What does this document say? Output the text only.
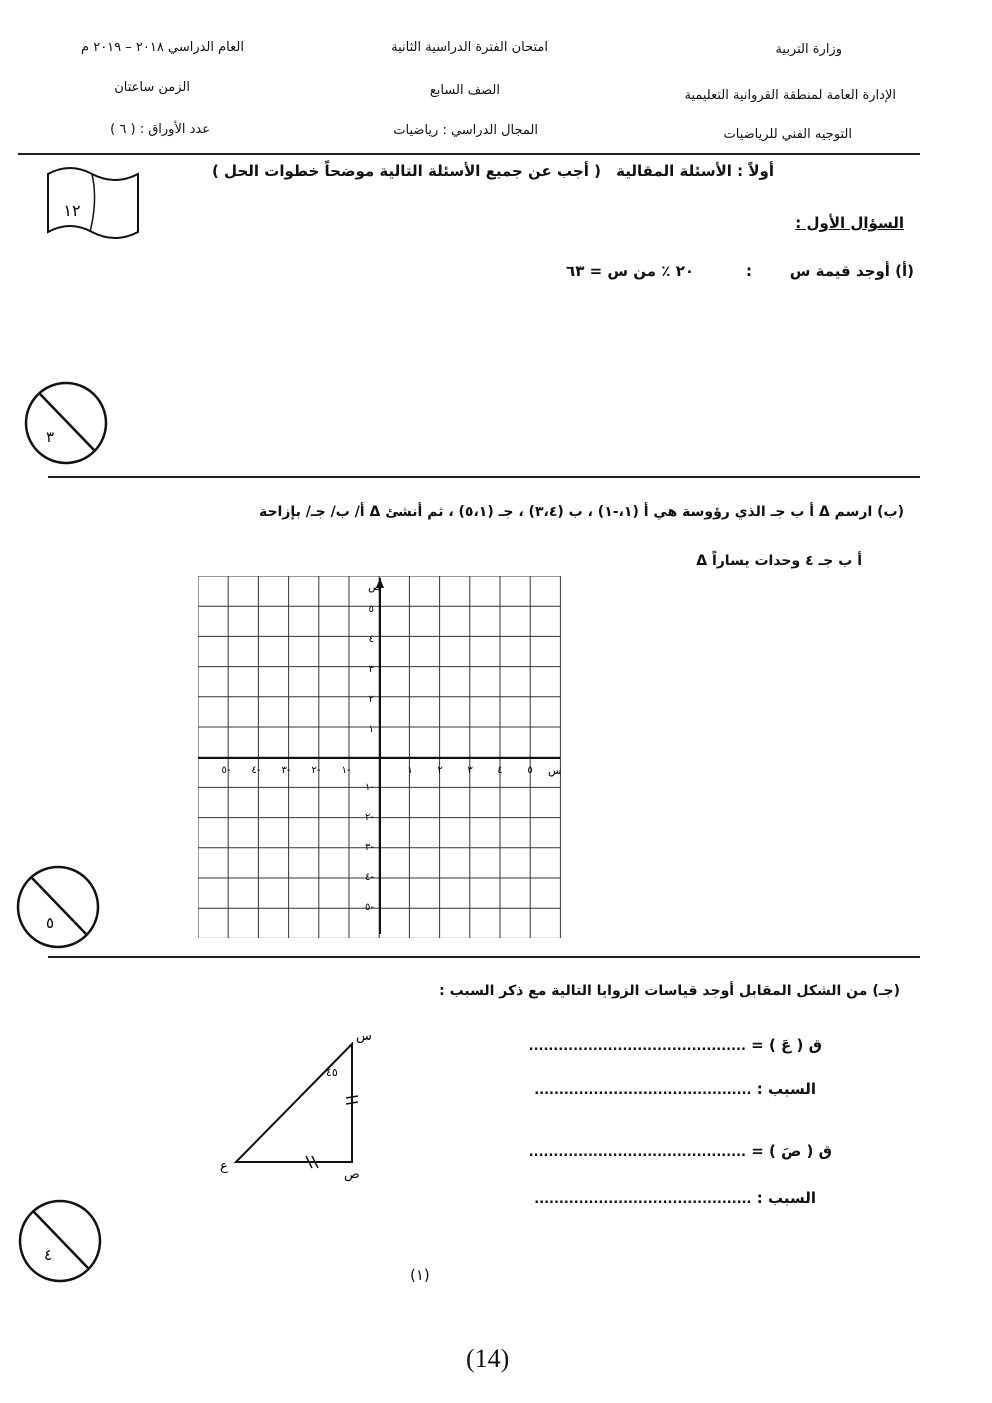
وزارة التربية
الإدارة العامة لمنطقة القروانية التعليمية
التوجيه الفني للرياضيات
امتحان الفترة الدراسية الثانية
الصف السابع
المجال الدراسي : رياضيات
العام الدراسي ٢٠١٨ – ٢٠١٩ م
الزمن ساعتان
عدد الأوراق : ( ٦ )
أولاً : الأسئلة المقالية ( أجب عن جميع الأسئلة التالية موضحاً خطوات الحل )
١٢
السؤال الأول :
(أ) أوجد قيمة س
:
٢٠ ٪ من س = ٦٣
٣
(ب) ارسم Δ ﺃ ب جـ الذي رؤوسة هي ﺃ (١،-١) ، ب (٣،٤) ، جـ (٥،١) ، ثم أنشئ Δ ﺃ/ ب/ جـ/ بإزاحة
Δ ﺃ ب جـ ٤ وحدات يساراً
ص
س
٥- ٤- ٣- ٢- ١-	١ ٢ ٣ ٤ ٥
٥
٤
٣
٢
١
١-
٢-
٣-
٤-
٥-
٥
(جـ) من الشكل المقابل أوجد قياسات الزوايا التالية مع ذكر السبب :
س
ص
ع
٤٥
ق ( عَ ) = ............................................
السبب : ............................................
ق ( صَ ) = ............................................
السبب : ............................................
٤
(١)
(14)
